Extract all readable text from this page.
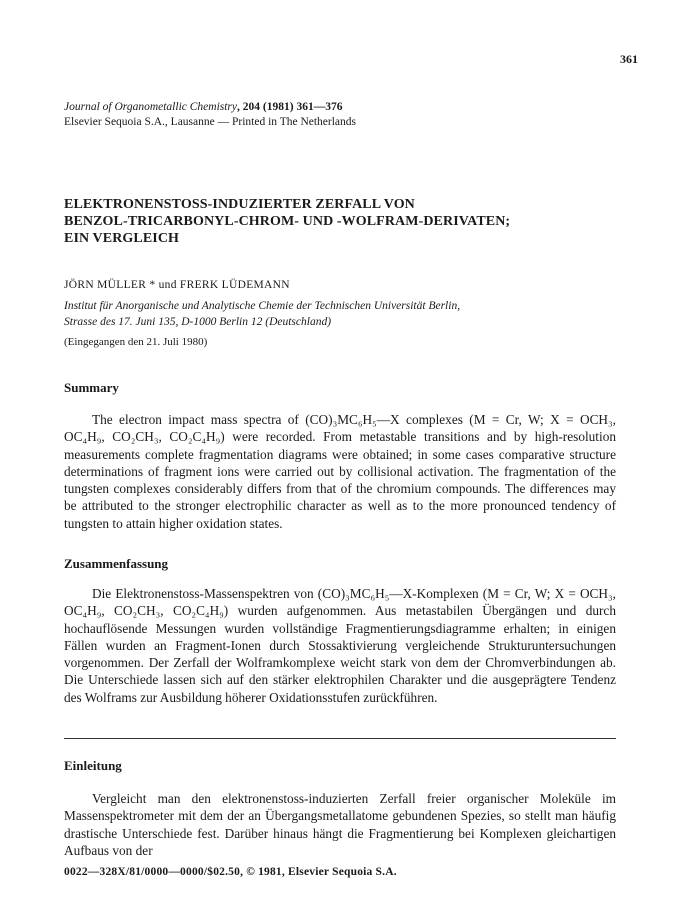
361
Journal of Organometallic Chemistry, 204 (1981) 361—376
Elsevier Sequoia S.A., Lausanne — Printed in The Netherlands
ELEKTRONENSTOSS-INDUZIERTER ZERFALL VON
BENZOL-TRICARBONYL-CHROM- UND -WOLFRAM-DERIVATEN;
EIN VERGLEICH
JÖRN MÜLLER * und FRERK LÜDEMANN
Institut für Anorganische und Analytische Chemie der Technischen Universität Berlin,
Strasse des 17. Juni 135, D-1000 Berlin 12 (Deutschland)
(Eingegangen den 21. Juli 1980)
Summary
The electron impact mass spectra of (CO)₃MC₆H₅—X complexes (M = Cr, W; X = OCH₃, OC₄H₉, CO₂CH₃, CO₂C₄H₉) were recorded. From metastable transitions and by high-resolution measurements complete fragmentation diagrams were obtained; in some cases comparative structure determinations of fragment ions were carried out by collisional activation. The fragmentation of the tungsten complexes considerably differs from that of the chromium compounds. The differences may be attributed to the stronger electrophilic character as well as to the more pronounced tendency of tungsten to attain higher oxidation states.
Zusammenfassung
Die Elektronenstoss-Massenspektren von (CO)₃MC₆H₅—X-Komplexen (M = Cr, W; X = OCH₃, OC₄H₉, CO₂CH₃, CO₂C₄H₉) wurden aufgenommen. Aus metastabilen Übergängen und durch hochauflösende Messungen wurden vollständige Fragmentierungsdiagramme erhalten; in einigen Fällen wurden an Fragment-Ionen durch Stossaktivierung vergleichende Strukturuntersuchungen vorgenommen. Der Zerfall der Wolframkomplexe weicht stark von dem der Chromverbindungen ab. Die Unterschiede lassen sich auf den stärker elektrophilen Charakter und die ausgeprägtere Tendenz des Wolframs zur Ausbildung höherer Oxidationsstufen zurückführen.
Einleitung
Vergleicht man den elektronenstoss-induzierten Zerfall freier organischer Moleküle im Massenspektrometer mit dem der an Übergangsmetallatome gebundenen Spezies, so stellt man häufig drastische Unterschiede fest. Darüber hinaus hängt die Fragmentierung bei Komplexen gleichartigen Aufbaus von der
0022—328X/81/0000—0000/$02.50, © 1981, Elsevier Sequoia S.A.
